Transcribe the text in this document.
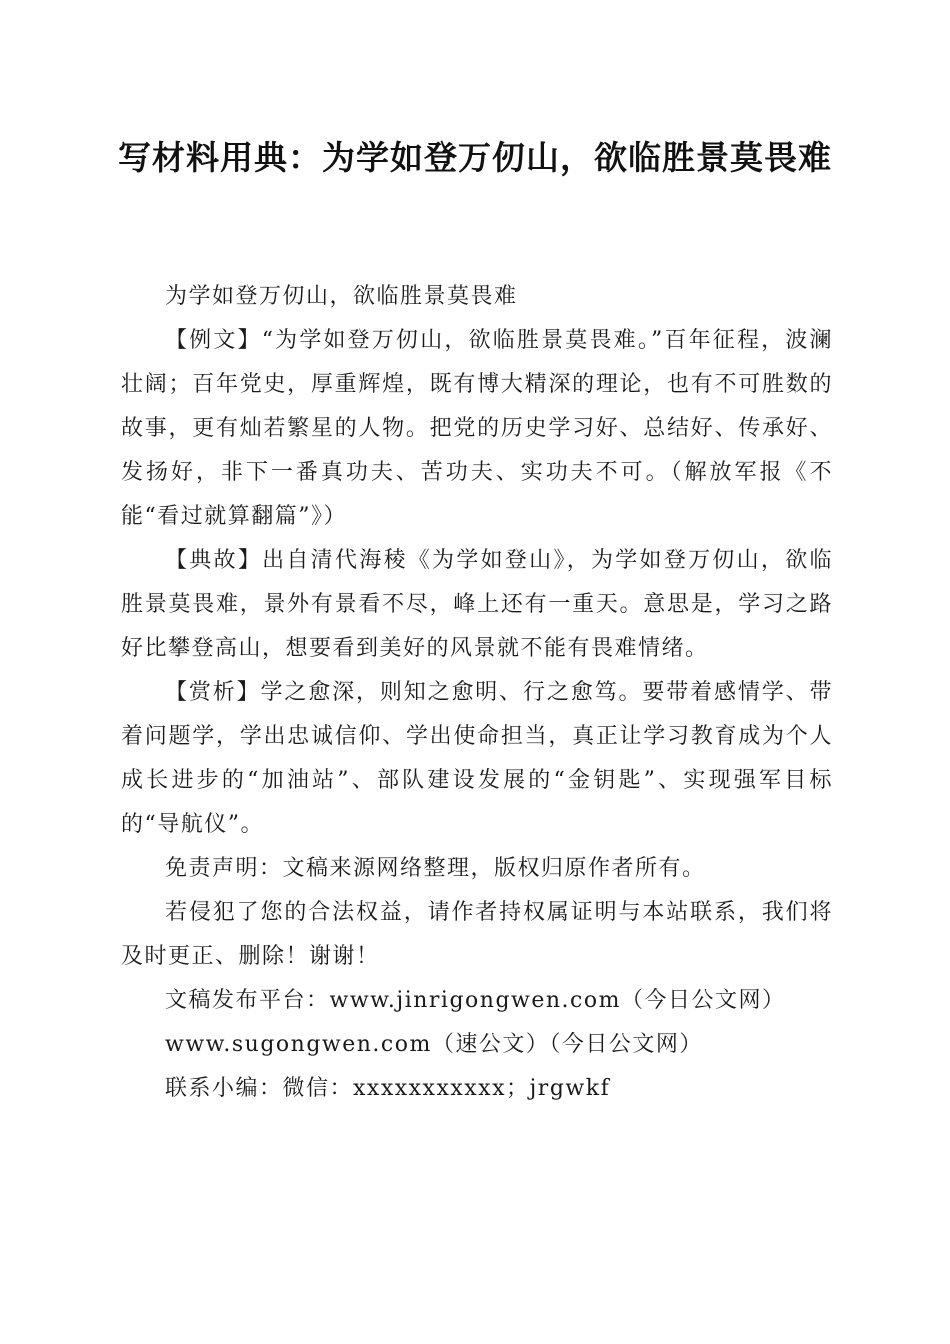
写材料用典：为学如登万仞山，欲临胜景莫畏难

为学如登万仞山，欲临胜景莫畏难

【例文】“为学如登万仞山，欲临胜景莫畏难。”百年征程，波澜壮阔；百年党史，厚重辉煌，既有博大精深的理论，也有不可胜数的故事，更有灿若繁星的人物。把党的历史学习好、总结好、传承好、发扬好，非下一番真功夫、苦功夫、实功夫不可。（解放军报《不能“看过就算翻篇”》）

【典故】出自清代海稜《为学如登山》，为学如登万仞山，欲临胜景莫畏难，景外有景看不尽，峰上还有一重天。意思是，学习之路好比攀登高山，想要看到美好的风景就不能有畏难情绪。

【赏析】学之愈深，则知之愈明、行之愈笃。要带着感情学、带着问题学，学出忠诚信仰、学出使命担当，真正让学习教育成为个人成长进步的“加油站”、部队建设发展的“金钥匙”、实现强军目标的“导航仪”。

免责声明：文稿来源网络整理，版权归原作者所有。

若侵犯了您的合法权益，请作者持权属证明与本站联系，我们将及时更正、删除！谢谢！

文稿发布平台：www.jinrigongwen.com（今日公文网）

www.sugongwen.com（速公文）（今日公文网）

联系小编：微信：xxxxxxxxxxx；jrgwkf
